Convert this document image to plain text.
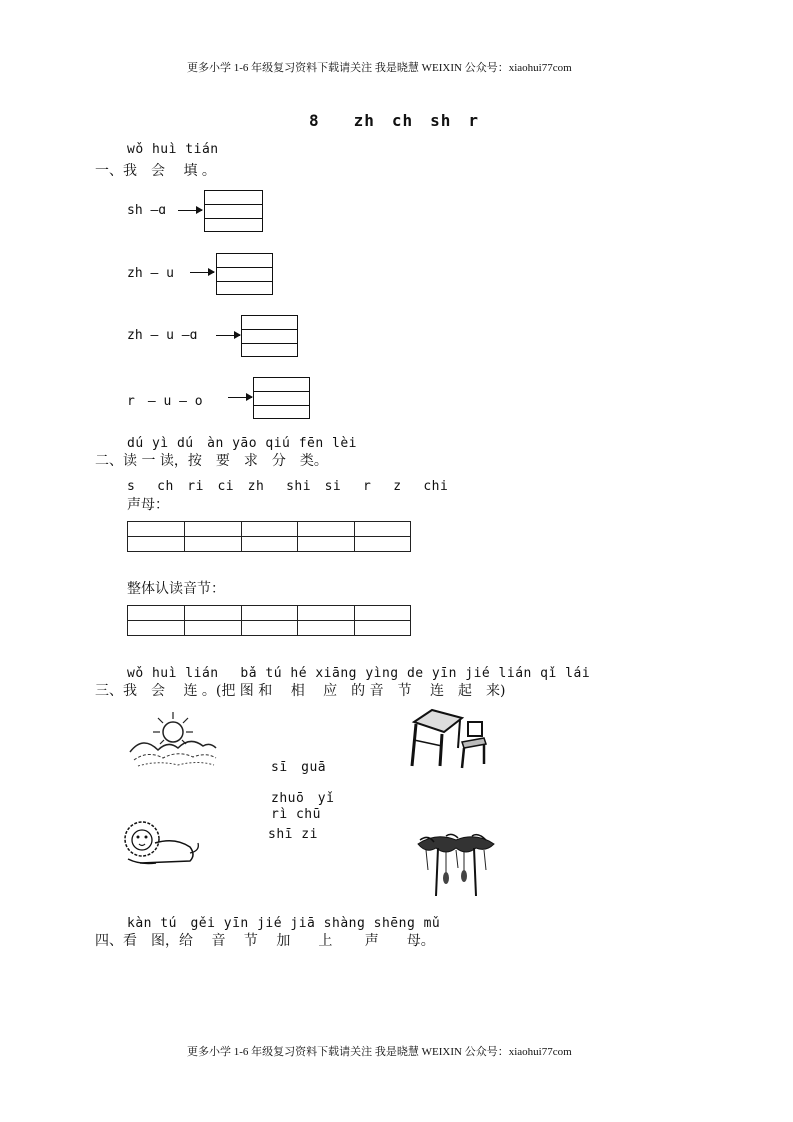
更多小学 1-6 年级复习资料下载请关注 我是晓慧 WEIXIN 公众号：xiaohui77com
8　　zh　ch　sh　r
wǒ huì tián
一、我　会　 填 。
sh —ɑ
zh — u
zh — u —ɑ
r　— u — o
dú yì dú　àn yāo qiú fēn lèi
二、读 一 读，按　要　求　分　类。
s　 ch　ri　ci　zh　 shi　si　 r　 z　 chi
声母：

整体认读音节：

wǒ huì lián　 bǎ tú hé xiāng yìng de yīn jié lián qǐ lái
三、我　会　 连 。(把 图 和　 相　 应　的 音　节　 连　起　来)
sī　guā
zhuō　yǐ
rì chū
shī zi
kàn tú　gěi yīn jié jiā shàng shēng mǔ
四、看　图，给　 音　 节　 加　　上　　 声　　母。
更多小学 1-6 年级复习资料下载请关注 我是晓慧 WEIXIN 公众号：xiaohui77com
